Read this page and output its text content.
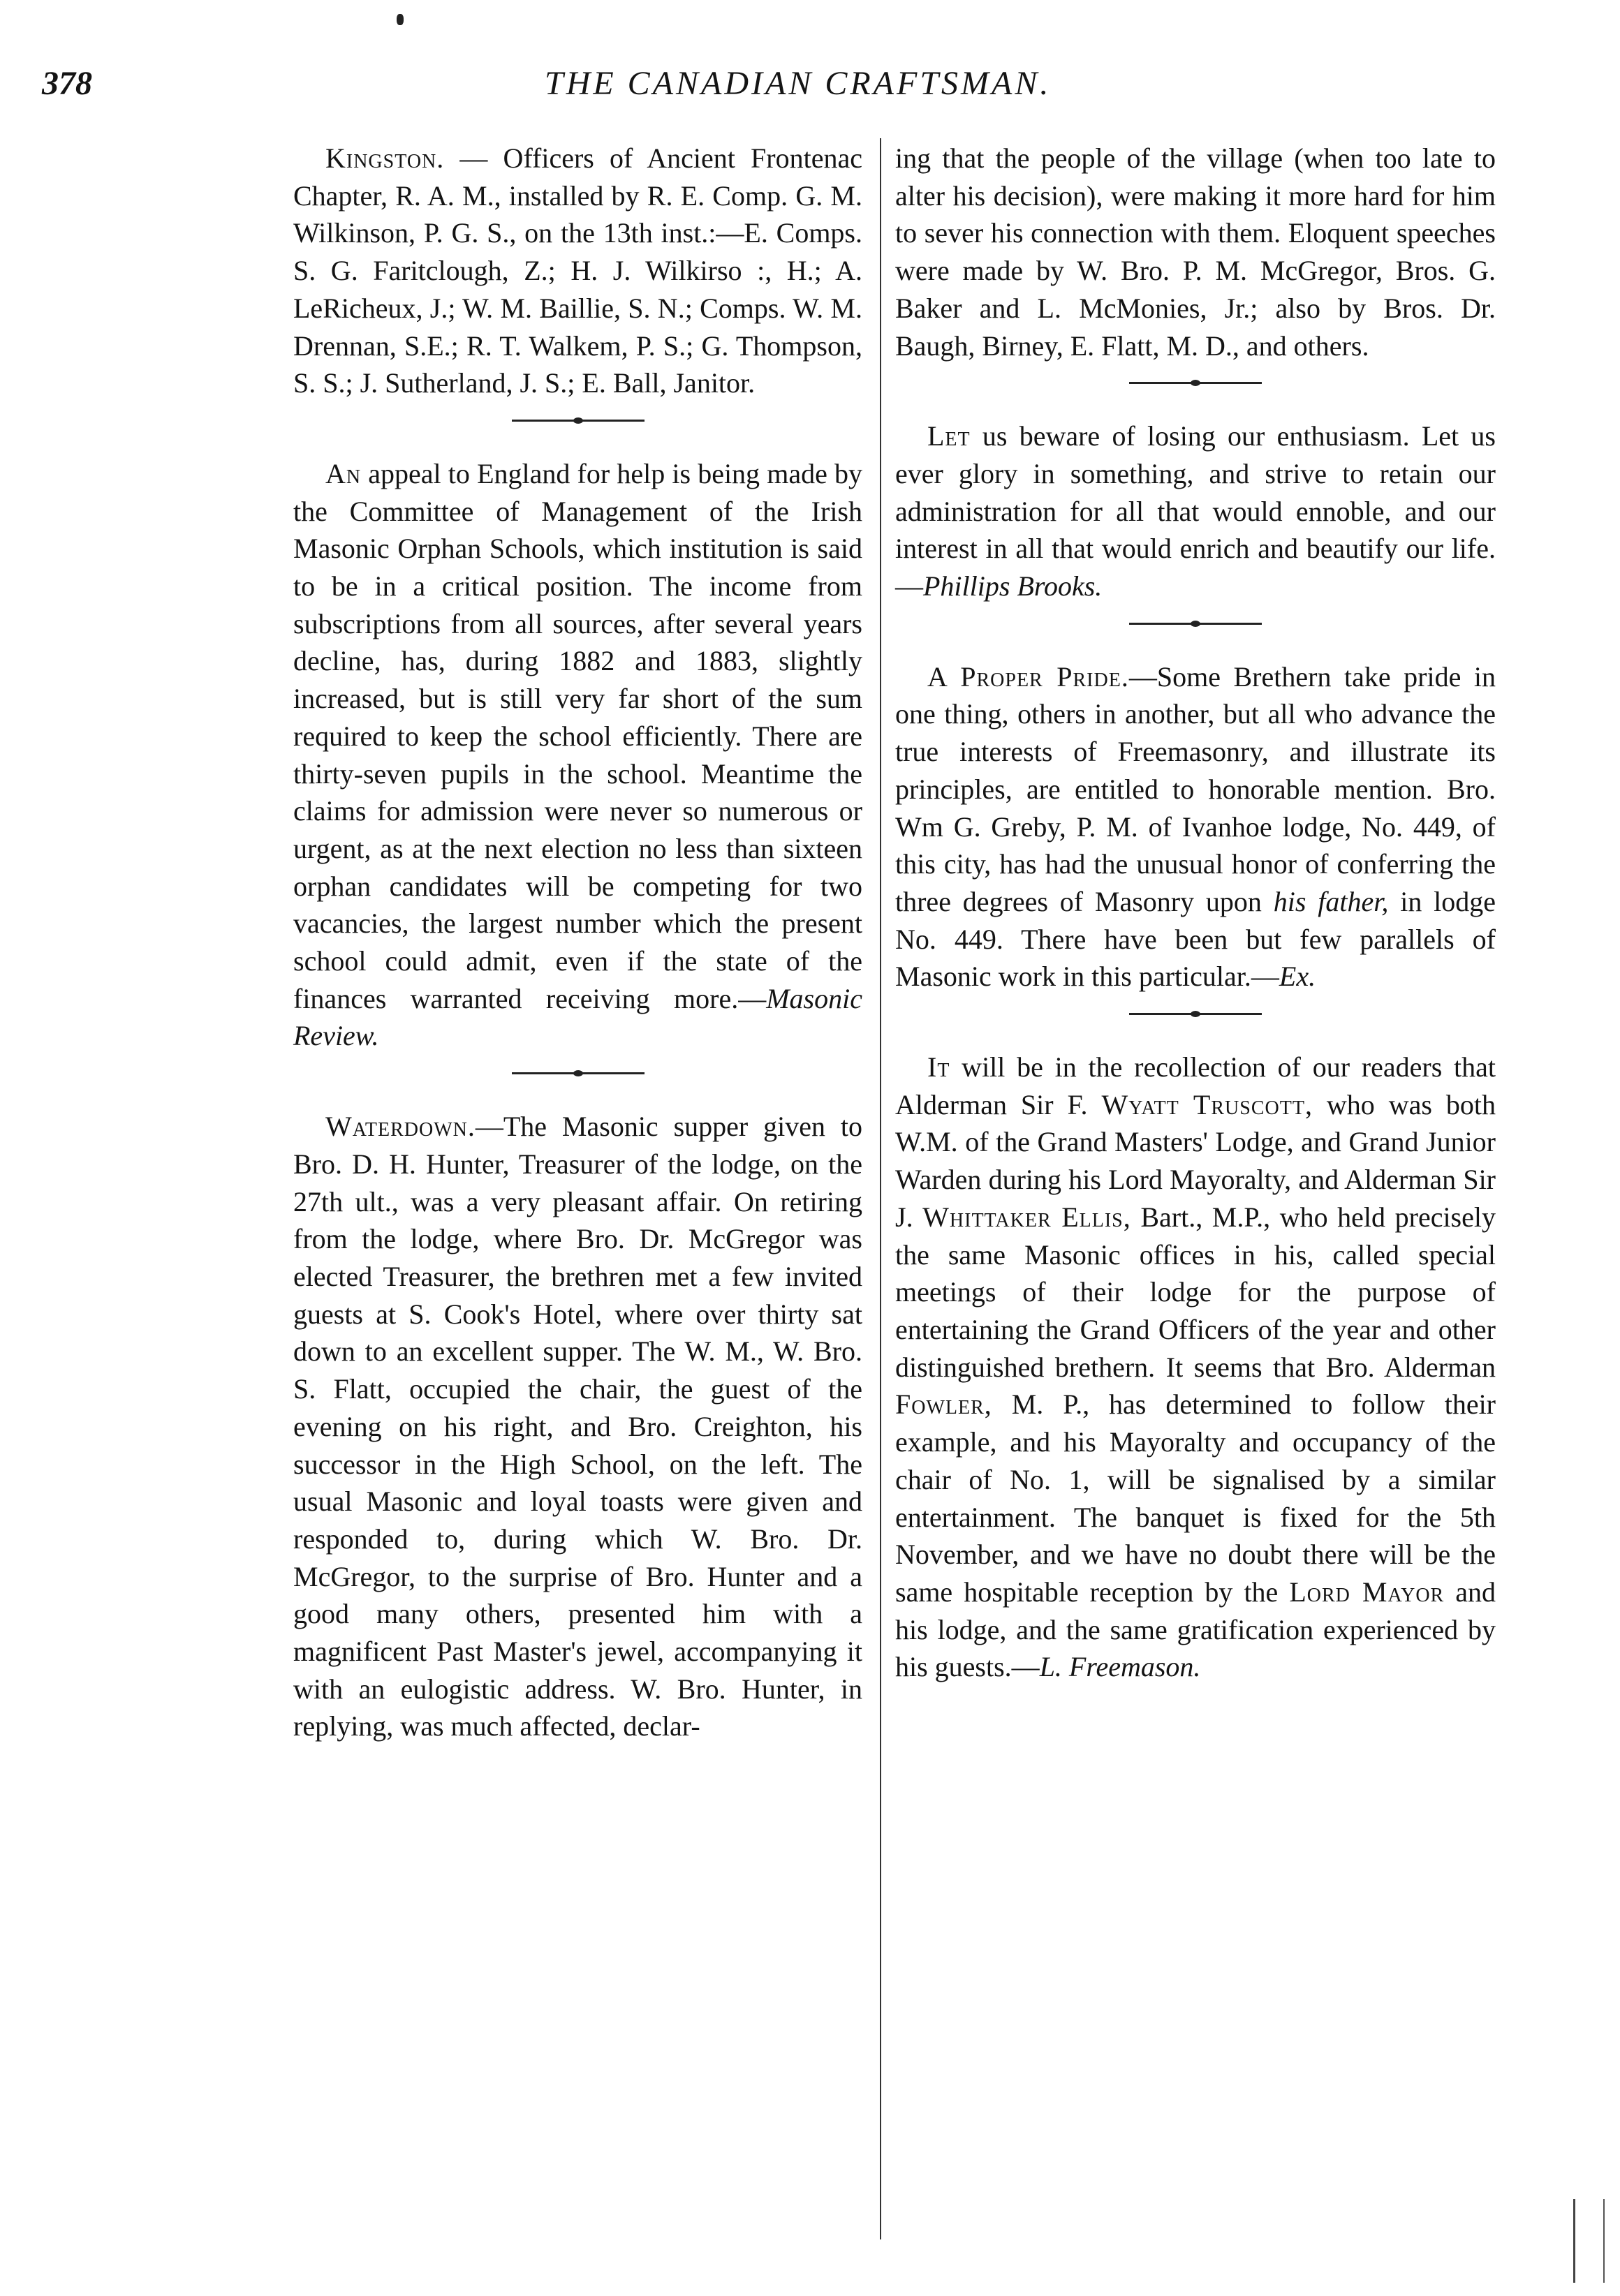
378	THE CANADIAN CRAFTSMAN.

Kingston. — Officers of Ancient Frontenac Chapter, R. A. M., installed by R. E. Comp. G. M. Wilkinson, P. G. S., on the 13th inst.:—E. Comps. S. G. Faritclough, Z.; H. J. Wilkirso :, H.; A. LeRicheux, J.; W. M. Baillie, S. N.; Comps. W. M. Drennan, S.E.; R. T. Walkem, P. S.; G. Thompson, S. S.; J. Sutherland, J. S.; E. Ball, Janitor.

An appeal to England for help is being made by the Committee of Management of the Irish Masonic Orphan Schools, which institution is said to be in a critical position. The income from subscriptions from all sources, after several years decline, has, during 1882 and 1883, slightly increased, but is still very far short of the sum required to keep the school efficiently. There are thirty-seven pupils in the school. Meantime the claims for admission were never so numerous or urgent, as at the next election no less than sixteen orphan candidates will be competing for two vacancies, the largest number which the present school could admit, even if the state of the finances warranted receiving more.—Masonic Review.

Waterdown.—The Masonic supper given to Bro. D. H. Hunter, Treasurer of the lodge, on the 27th ult., was a very pleasant affair. On retiring from the lodge, where Bro. Dr. McGregor was elected Treasurer, the brethren met a few invited guests at S. Cook's Hotel, where over thirty sat down to an excellent supper. The W. M., W. Bro. S. Flatt, occupied the chair, the guest of the evening on his right, and Bro. Creighton, his successor in the High School, on the left. The usual Masonic and loyal toasts were given and responded to, during which W. Bro. Dr. McGregor, to the surprise of Bro. Hunter and a good many others, presented him with a magnificent Past Master's jewel, accompanying it with an eulogistic address. W. Bro. Hunter, in replying, was much affected, declar-

ing that the people of the village (when too late to alter his decision), were making it more hard for him to sever his connection with them. Eloquent speeches were made by W. Bro. P. M. McGregor, Bros. G. Baker and L. McMonies, Jr.; also by Bros. Dr. Baugh, Birney, E. Flatt, M. D., and others.

Let us beware of losing our enthusiasm. Let us ever glory in something, and strive to retain our administration for all that would ennoble, and our interest in all that would enrich and beautify our life.—Phillips Brooks.

A Proper Pride.—Some Brethern take pride in one thing, others in another, but all who advance the true interests of Freemasonry, and illustrate its principles, are entitled to honorable mention. Bro. Wm G. Greby, P. M. of Ivanhoe lodge, No. 449, of this city, has had the unusual honor of conferring the three degrees of Masonry upon his father, in lodge No. 449. There have been but few parallels of Masonic work in this particular.—Ex.

It will be in the recollection of our readers that Alderman Sir F. Wyatt Truscott, who was both W.M. of the Grand Masters' Lodge, and Grand Junior Warden during his Lord Mayoralty, and Alderman Sir J. Whittaker Ellis, Bart., M.P., who held precisely the same Masonic offices in his, called special meetings of their lodge for the purpose of entertaining the Grand Officers of the year and other distinguished brethern. It seems that Bro. Alderman Fowler, M. P., has determined to follow their example, and his Mayoralty and occupancy of the chair of No. 1, will be signalised by a similar entertainment. The banquet is fixed for the 5th November, and we have no doubt there will be the same hospitable reception by the Lord Mayor and his lodge, and the same gratification experienced by his guests.—L. Freemason.
